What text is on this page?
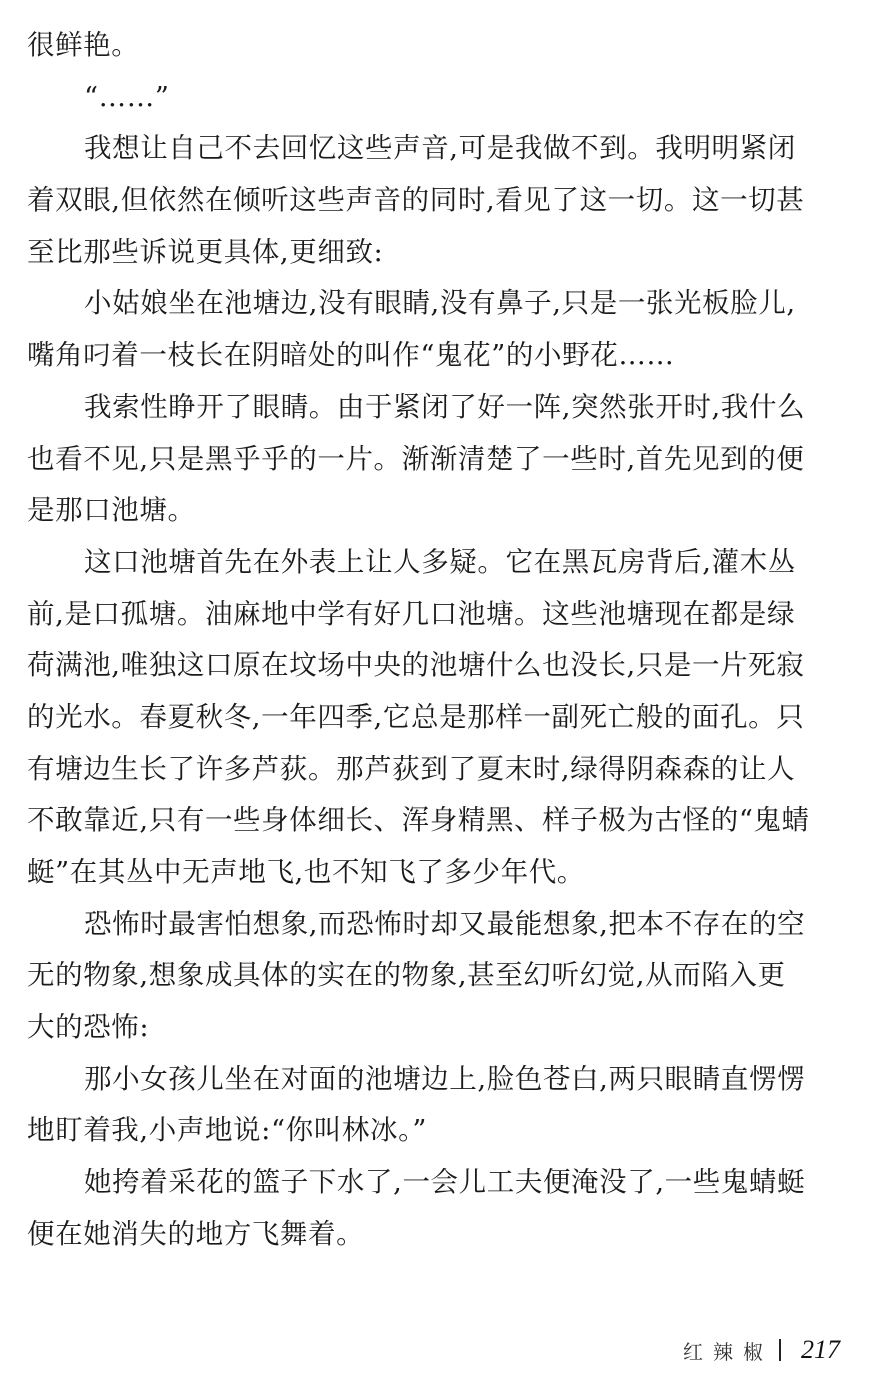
很鲜艳。
“……”
我想让自己不去回忆这些声音,可是我做不到。我明明紧闭
着双眼,但依然在倾听这些声音的同时,看见了这一切。这一切甚
至比那些诉说更具体,更细致:
小姑娘坐在池塘边,没有眼睛,没有鼻子,只是一张光板脸儿,
嘴角叼着一枝长在阴暗处的叫作“鬼花”的小野花……
我索性睁开了眼睛。由于紧闭了好一阵,突然张开时,我什么
也看不见,只是黑乎乎的一片。渐渐清楚了一些时,首先见到的便
是那口池塘。
这口池塘首先在外表上让人多疑。它在黑瓦房背后,灌木丛
前,是口孤塘。油麻地中学有好几口池塘。这些池塘现在都是绿
荷满池,唯独这口原在坟场中央的池塘什么也没长,只是一片死寂
的光水。春夏秋冬,一年四季,它总是那样一副死亡般的面孔。只
有塘边生长了许多芦荻。那芦荻到了夏末时,绿得阴森森的让人
不敢靠近,只有一些身体细长、浑身精黑、样子极为古怪的“鬼蜻
蜓”在其丛中无声地飞,也不知飞了多少年代。
恐怖时最害怕想象,而恐怖时却又最能想象,把本不存在的空
无的物象,想象成具体的实在的物象,甚至幻听幻觉,从而陷入更
大的恐怖:
那小女孩儿坐在对面的池塘边上,脸色苍白,两只眼睛直愣愣
地盯着我,小声地说:“你叫林冰。”
她挎着采花的篮子下水了,一会儿工夫便淹没了,一些鬼蜻蜓
便在她消失的地方飞舞着。
红辣椒 217
